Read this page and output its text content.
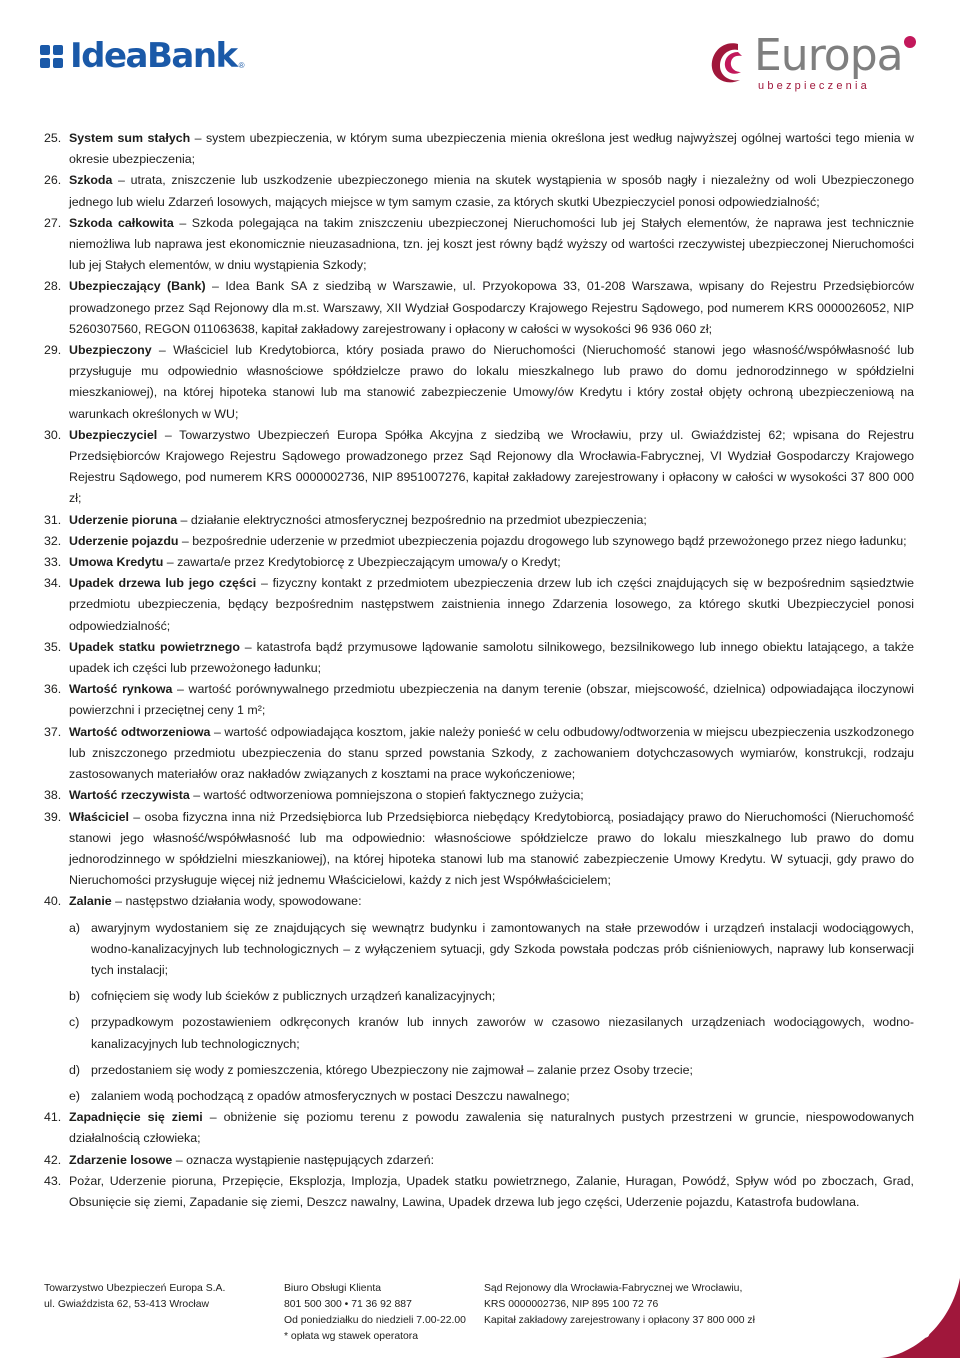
IdeaBank ®	Europa
ubezpieczenia
25. System sum stałych – system ubezpieczenia, w którym suma ubezpieczenia mienia określona jest według najwyższej ogólnej wartości tego mienia w okresie ubezpieczenia;
26. Szkoda – utrata, zniszczenie lub uszkodzenie ubezpieczonego mienia na skutek wystąpienia w sposób nagły i niezależny od woli Ubezpieczonego jednego lub wielu Zdarzeń losowych, mających miejsce w tym samym czasie, za których skutki Ubezpieczyciel ponosi odpowiedzialność;
27. Szkoda całkowita – Szkoda polegająca na takim zniszczeniu ubezpieczonej Nieruchomości lub jej Stałych elementów, że naprawa jest technicznie niemożliwa lub naprawa jest ekonomicznie nieuzasadniona, tzn. jej koszt jest równy bądź wyższy od wartości rzeczywistej ubezpieczonej Nieruchomości lub jej Stałych elementów, w dniu wystąpienia Szkody;
28. Ubezpieczający (Bank) – Idea Bank SA z siedzibą w Warszawie, ul. Przyokopowa 33, 01-208 Warszawa, wpisany do Rejestru Przedsiębiorców prowadzonego przez Sąd Rejonowy dla m.st. Warszawy, XII Wydział Gospodarczy Krajowego Rejestru Sądowego, pod numerem KRS 0000026052, NIP 5260307560, REGON 011063638, kapitał zakładowy zarejestrowany i opłacony w całości w wysokości 96 936 060 zł;
29. Ubezpieczony – Właściciel lub Kredytobiorca, który posiada prawo do Nieruchomości (Nieruchomość stanowi jego własność/współwłasność lub przysługuje mu odpowiednio własnościowe spółdzielcze prawo do lokalu mieszkalnego lub prawo do domu jednorodzinnego w spółdzielni mieszkaniowej), na której hipoteka stanowi lub ma stanowić zabezpieczenie Umowy/ów Kredytu i który został objęty ochroną ubezpieczeniową na warunkach określonych w WU;
30. Ubezpieczyciel – Towarzystwo Ubezpieczeń Europa Spółka Akcyjna z siedzibą we Wrocławiu, przy ul. Gwiaździstej 62; wpisana do Rejestru Przedsiębiorców Krajowego Rejestru Sądowego prowadzonego przez Sąd Rejonowy dla Wrocławia-Fabrycznej, VI Wydział Gospodarczy Krajowego Rejestru Sądowego, pod numerem KRS 0000002736, NIP 8951007276, kapitał zakładowy zarejestrowany i opłacony w całości w wysokości 37 800 000 zł;
31. Uderzenie pioruna – działanie elektryczności atmosferycznej bezpośrednio na przedmiot ubezpieczenia;
32. Uderzenie pojazdu – bezpośrednie uderzenie w przedmiot ubezpieczenia pojazdu drogowego lub szynowego bądź przewożonego przez niego ładunku;
33. Umowa Kredytu – zawarta/e przez Kredytobiorcę z Ubezpieczającym umowa/y o Kredyt;
34. Upadek drzewa lub jego części – fizyczny kontakt z przedmiotem ubezpieczenia drzew lub ich części znajdujących się w bezpośrednim sąsiedztwie przedmiotu ubezpieczenia, będący bezpośrednim następstwem zaistnienia innego Zdarzenia losowego, za którego skutki Ubezpieczyciel ponosi odpowiedzialność;
35. Upadek statku powietrznego – katastrofa bądź przymusowe lądowanie samolotu silnikowego, bezsilnikowego lub innego obiektu latającego, a także upadek ich części lub przewożonego ładunku;
36. Wartość rynkowa – wartość porównywalnego przedmiotu ubezpieczenia na danym terenie (obszar, miejscowość, dzielnica) odpowiadająca iloczynowi powierzchni i przeciętnej ceny 1 m²;
37. Wartość odtworzeniowa – wartość odpowiadająca kosztom, jakie należy ponieść w celu odbudowy/odtworzenia w miejscu ubezpieczenia uszkodzonego lub zniszczonego przedmiotu ubezpieczenia do stanu sprzed powstania Szkody, z zachowaniem dotychczasowych wymiarów, konstrukcji, rodzaju zastosowanych materiałów oraz nakładów związanych z kosztami na prace wykończeniowe;
38. Wartość rzeczywista – wartość odtworzeniowa pomniejszona o stopień faktycznego zużycia;
39. Właściciel – osoba fizyczna inna niż Przedsiębiorca lub Przedsiębiorca niebędący Kredytobiorcą, posiadający prawo do Nieruchomości (Nieruchomość stanowi jego własność/współwłasność lub ma odpowiednio: własnościowe spółdzielcze prawo do lokalu mieszkalnego lub prawo do domu jednorodzinnego w spółdzielni mieszkaniowej), na której hipoteka stanowi lub ma stanowić zabezpieczenie Umowy Kredytu. W sytuacji, gdy prawo do Nieruchomości przysługuje więcej niż jednemu Właścicielowi, każdy z nich jest Współwłaścicielem;
40. Zalanie – następstwo działania wody, spowodowane:
a) awaryjnym wydostaniem się ze znajdujących się wewnątrz budynku i zamontowanych na stałe przewodów i urządzeń instalacji wodociągowych, wodno-kanalizacyjnych lub technologicznych – z wyłączeniem sytuacji, gdy Szkoda powstała podczas prób ciśnieniowych, naprawy lub konserwacji tych instalacji;
b) cofnięciem się wody lub ścieków z publicznych urządzeń kanalizacyjnych;
c) przypadkowym pozostawieniem odkręconych kranów lub innych zaworów w czasowo niezasilanych urządzeniach wodociągowych, wodno-kanalizacyjnych lub technologicznych;
d) przedostaniem się wody z pomieszczenia, którego Ubezpieczony nie zajmował – zalanie przez Osoby trzecie;
e) zalaniem wodą pochodzącą z opadów atmosferycznych w postaci Deszczu nawalnego;
41. Zapadnięcie się ziemi – obniżenie się poziomu terenu z powodu zawalenia się naturalnych pustych przestrzeni w gruncie, niespowodowanych działalnością człowieka;
42. Zdarzenie losowe – oznacza wystąpienie następujących zdarzeń:
43. Pożar, Uderzenie pioruna, Przepięcie, Eksplozja, Implozja, Upadek statku powietrznego, Zalanie, Huragan, Powódź, Spływ wód po zboczach, Grad, Obsunięcie się ziemi, Zapadanie się ziemi, Deszcz nawalny, Lawina, Upadek drzewa lub jego części, Uderzenie pojazdu, Katastrofa budowlana.
Towarzystwo Ubezpieczeń Europa S.A.
ul. Gwiaździsta 62, 53-413 Wrocław
Biuro Obsługi Klienta
801 500 300 • 71 36 92 887
Od poniedziałku do niedzieli 7.00-22.00
* opłata wg stawek operatora
Sąd Rejonowy dla Wrocławia-Fabrycznej we Wrocławiu,
KRS 0000002736, NIP 895 100 72 76
Kapitał zakładowy zarejestrowany i opłacony 37 800 000 zł	3
